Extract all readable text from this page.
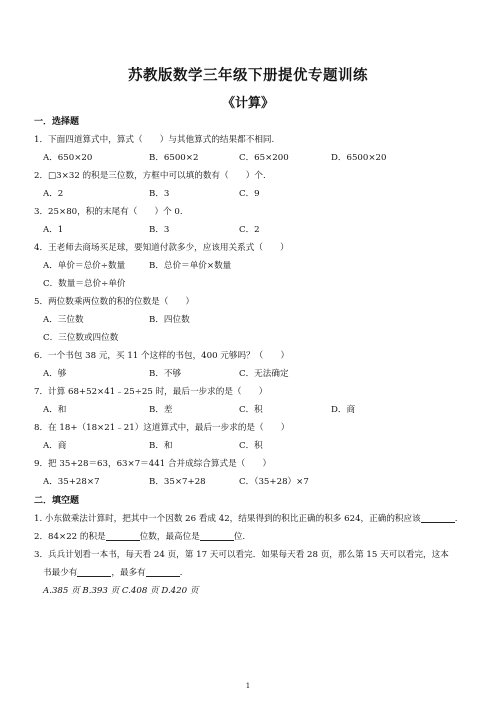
苏教版数学三年级下册提优专题训练
《计算》
一．选择题
1．下面四道算式中，算式（　　）与其他算式的结果都不相同.
A．650×20	B．6500×2	C．65×200	D．6500×20
2．□3×32 的积是三位数，方框中可以填的数有（　　）个.
A．2	B．3	C．9
3．25×80，积的末尾有（　　）个 0.
A．1	B．3	C．2
4．王老师去商场买足球，要知道付款多少，应该用关系式（　　）
A．单价＝总价÷数量	B．总价＝单价×数量
C．数量＝总价÷单价
5．两位数乘两位数的积的位数是（　　）
A．三位数	B．四位数
C．三位数或四位数
6．一个书包 38 元，买 11 个这样的书包，400 元够吗？（　　）
A．够	B．不够	C．无法确定
7．计算 68+52×41﹣25÷25 时，最后一步求的是（　　）
A．和	B．差	C．积	D．商
8．在 18+（18×21﹣21）这道算式中，最后一步求的是（　　）
A．商	B．和	C．积
9．把 35+28＝63，63×7＝441 合并成综合算式是（　　）
A．35+28×7	B．35×7+28	C．（35+28）×7
二．填空题
1. 小东做乘法计算时，把其中一个因数 26 看成 42，结果得到的积比正确的积多 624，正确的积应该	.
2．84×22 的积是	位数，最高位是	位.
3．兵兵计划看一本书，每天看 24 页，第 17 天可以看完．如果每天看 28 页，那么第 15 天可以看完，这本
书最少有	，最多有	.
A.385 页 B.393 页 C.408 页 D.420 页
1
